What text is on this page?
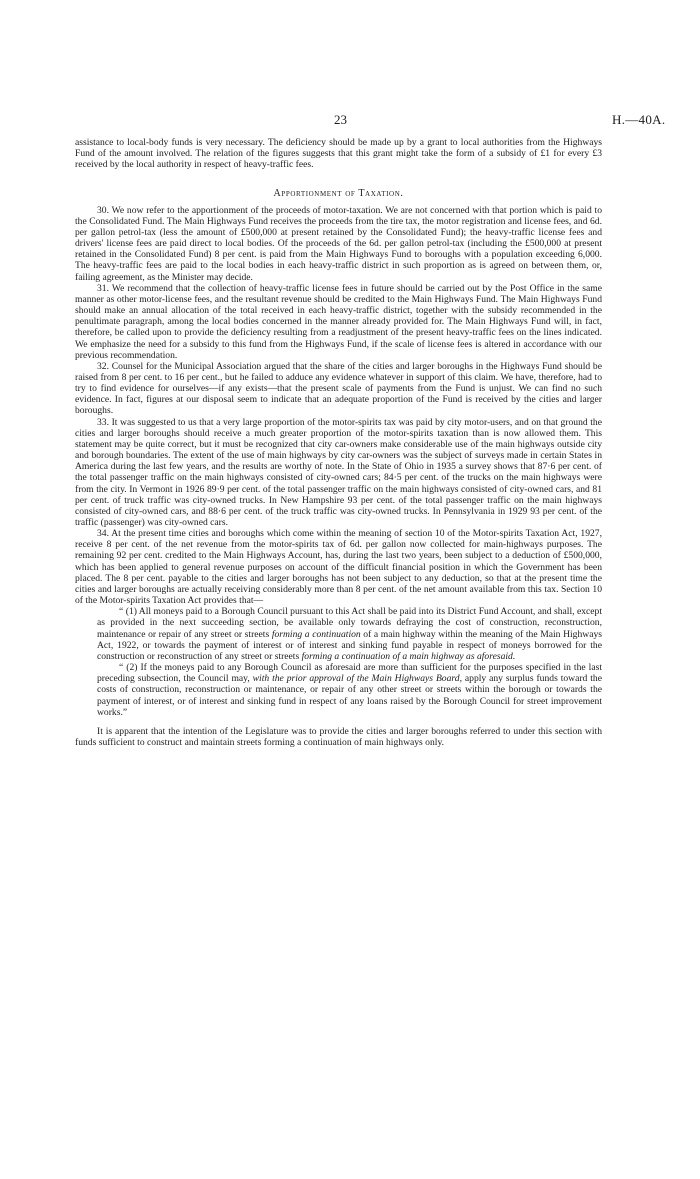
23	H.—40A.

assistance to local-body funds is very necessary. The deficiency should be made up by a grant to local authorities from the Highways Fund of the amount involved. The relation of the figures suggests that this grant might take the form of a subsidy of £1 for every £3 received by the local authority in respect of heavy-traffic fees.

Apportionment of Taxation.

30. We now refer to the apportionment of the proceeds of motor-taxation. We are not concerned with that portion which is paid to the Consolidated Fund. The Main Highways Fund receives the proceeds from the tire tax, the motor registration and license fees, and 6d. per gallon petrol-tax (less the amount of £500,000 at present retained by the Consolidated Fund); the heavy-traffic license fees and drivers' license fees are paid direct to local bodies. Of the proceeds of the 6d. per gallon petrol-tax (including the £500,000 at present retained in the Consolidated Fund) 8 per cent. is paid from the Main Highways Fund to boroughs with a population exceeding 6,000. The heavy-traffic fees are paid to the local bodies in each heavy-traffic district in such proportion as is agreed on between them, or, failing agreement, as the Minister may decide.

31. We recommend that the collection of heavy-traffic license fees in future should be carried out by the Post Office in the same manner as other motor-license fees, and the resultant revenue should be credited to the Main Highways Fund. The Main Highways Fund should make an annual allocation of the total received in each heavy-traffic district, together with the subsidy recommended in the penultimate paragraph, among the local bodies concerned in the manner already provided for. The Main Highways Fund will, in fact, therefore, be called upon to provide the deficiency resulting from a readjustment of the present heavy-traffic fees on the lines indicated. We emphasize the need for a subsidy to this fund from the Highways Fund, if the scale of license fees is altered in accordance with our previous recommendation.

32. Counsel for the Municipal Association argued that the share of the cities and larger boroughs in the Highways Fund should be raised from 8 per cent. to 16 per cent., but he failed to adduce any evidence whatever in support of this claim. We have, therefore, had to try to find evidence for ourselves—if any exists—that the present scale of payments from the Fund is unjust. We can find no such evidence. In fact, figures at our disposal seem to indicate that an adequate proportion of the Fund is received by the cities and larger boroughs.

33. It was suggested to us that a very large proportion of the motor-spirits tax was paid by city motor-users, and on that ground the cities and larger boroughs should receive a much greater proportion of the motor-spirits taxation than is now allowed them. This statement may be quite correct, but it must be recognized that city car-owners make considerable use of the main highways outside city and borough boundaries. The extent of the use of main highways by city car-owners was the subject of surveys made in certain States in America during the last few years, and the results are worthy of note. In the State of Ohio in 1935 a survey shows that 87·6 per cent. of the total passenger traffic on the main highways consisted of city-owned cars; 84·5 per cent. of the trucks on the main highways were from the city. In Vermont in 1926 89·9 per cent. of the total passenger traffic on the main highways consisted of city-owned cars, and 81 per cent. of truck traffic was city-owned trucks. In New Hampshire 93 per cent. of the total passenger traffic on the main highways consisted of city-owned cars, and 88·6 per cent. of the truck traffic was city-owned trucks. In Pennsylvania in 1929 93 per cent. of the traffic (passenger) was city-owned cars.

34. At the present time cities and boroughs which come within the meaning of section 10 of the Motor-spirits Taxation Act, 1927, receive 8 per cent. of the net revenue from the motor-spirits tax of 6d. per gallon now collected for main-highways purposes. The remaining 92 per cent. credited to the Main Highways Account, has, during the last two years, been subject to a deduction of £500,000, which has been applied to general revenue purposes on account of the difficult financial position in which the Government has been placed. The 8 per cent. payable to the cities and larger boroughs has not been subject to any deduction, so that at the present time the cities and larger boroughs are actually receiving considerably more than 8 per cent. of the net amount available from this tax. Section 10 of the Motor-spirits Taxation Act provides that—

“ (1) All moneys paid to a Borough Council pursuant to this Act shall be paid into its District Fund Account, and shall, except as provided in the next succeeding section, be available only towards defraying the cost of construction, reconstruction, maintenance or repair of any street or streets forming a continuation of a main highway within the meaning of the Main Highways Act, 1922, or towards the payment of interest or of interest and sinking fund payable in respect of moneys borrowed for the construction or reconstruction of any street or streets forming a continuation of a main highway as aforesaid.

“ (2) If the moneys paid to any Borough Council as aforesaid are more than sufficient for the purposes specified in the last preceding subsection, the Council may, with the prior approval of the Main Highways Board, apply any surplus funds toward the costs of construction, reconstruction or maintenance, or repair of any other street or streets within the borough or towards the payment of interest, or of interest and sinking fund in respect of any loans raised by the Borough Council for street improvement works.”

It is apparent that the intention of the Legislature was to provide the cities and larger boroughs referred to under this section with funds sufficient to construct and maintain streets forming a continuation of main highways only.
